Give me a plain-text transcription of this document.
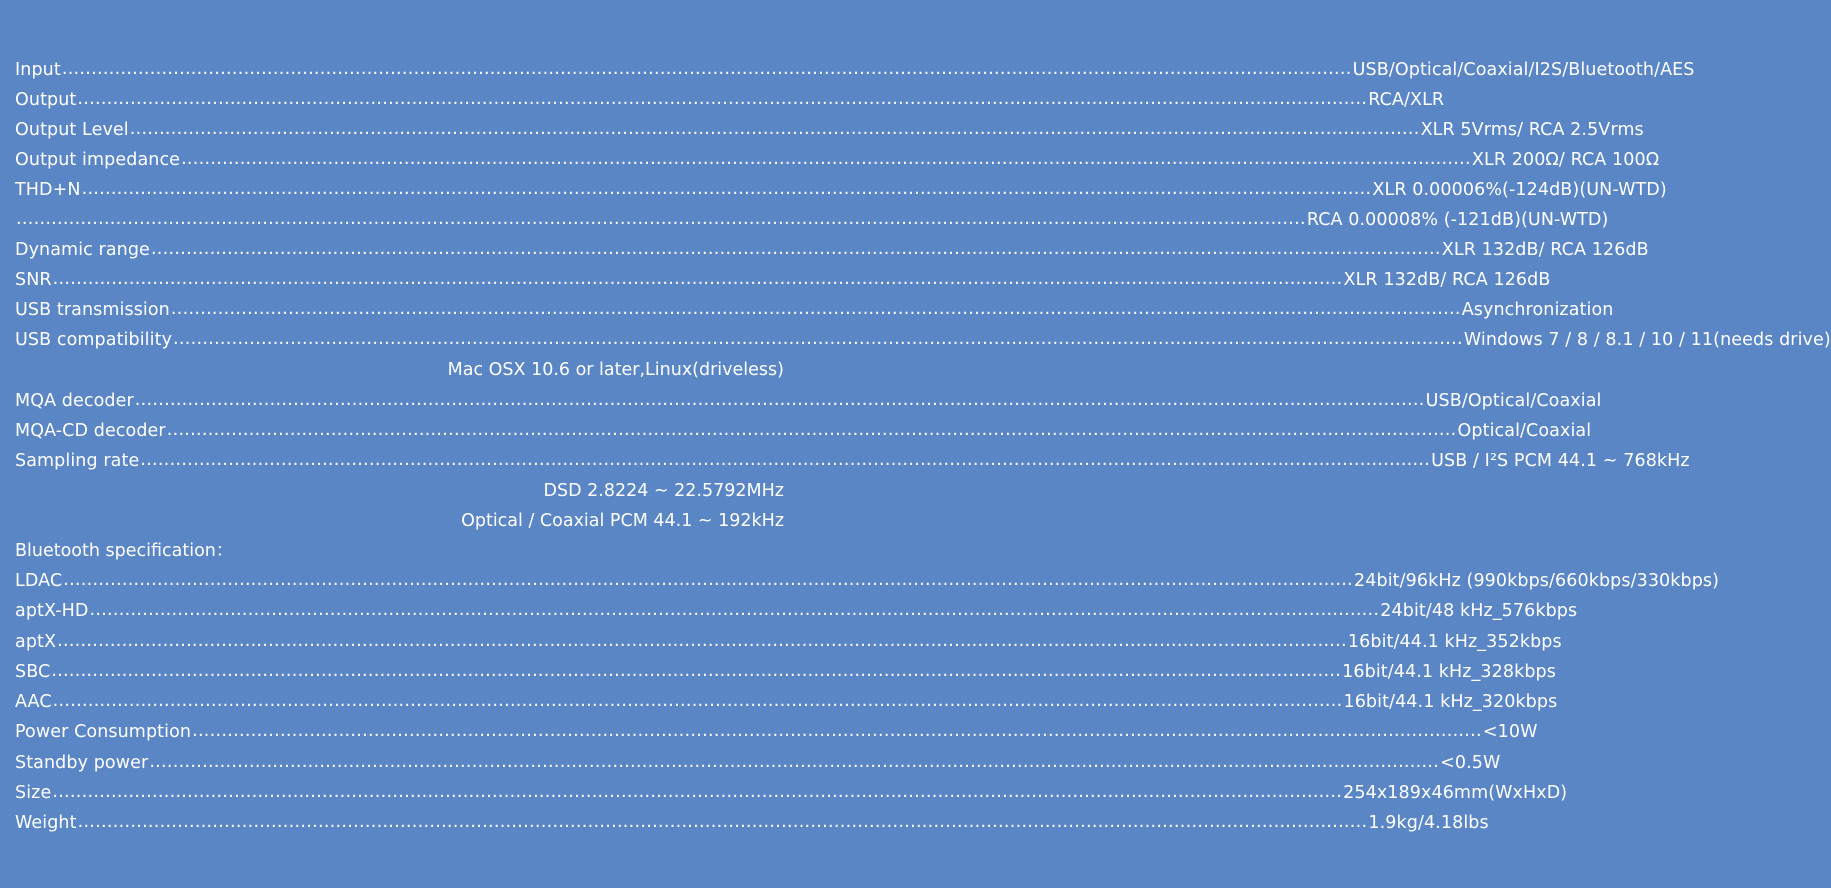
Input ............................................................................................................................................................................................................................ USB/Optical/Coaxial/I2S/Bluetooth/AES
Output ............................................................................................................................................................................................................................ RCA/XLR
Output Level ............................................................................................................................................................................................................................ XLR 5Vrms/ RCA 2.5Vrms
Output impedance ............................................................................................................................................................................................................................ XLR 200Ω/ RCA 100Ω
THD+N ............................................................................................................................................................................................................................ XLR 0.00006%(-124dB)(UN-WTD)
............................................................................................................................................................................................................................ RCA 0.00008% (-121dB)(UN-WTD)
Dynamic range ............................................................................................................................................................................................................................ XLR 132dB/ RCA 126dB
SNR ............................................................................................................................................................................................................................ XLR 132dB/ RCA 126dB
USB transmission ............................................................................................................................................................................................................................ Asynchronization
USB compatibility ............................................................................................................................................................................................................................ Windows 7 / 8 / 8.1 / 10 / 11(needs drive)
Mac OSX 10.6 or later,Linux(driveless)
MQA decoder ............................................................................................................................................................................................................................ USB/Optical/Coaxial
MQA-CD decoder ............................................................................................................................................................................................................................ Optical/Coaxial
Sampling rate ............................................................................................................................................................................................................................ USB / I²S PCM 44.1 ~ 768kHz
DSD 2.8224 ~ 22.5792MHz
Optical / Coaxial PCM 44.1 ~ 192kHz
Bluetooth specification：
LDAC ............................................................................................................................................................................................................................ 24bit/96kHz (990kbps/660kbps/330kbps)
aptX-HD ............................................................................................................................................................................................................................ 24bit/48 kHz_576kbps
aptX ............................................................................................................................................................................................................................ 16bit/44.1 kHz_352kbps
SBC ............................................................................................................................................................................................................................ 16bit/44.1 kHz_328kbps
AAC ............................................................................................................................................................................................................................ 16bit/44.1 kHz_320kbps
Power Consumption ............................................................................................................................................................................................................................ <10W
Standby power ............................................................................................................................................................................................................................ <0.5W
Size ............................................................................................................................................................................................................................ 254x189x46mm(WxHxD)
Weight ............................................................................................................................................................................................................................ 1.9kg/4.18lbs
